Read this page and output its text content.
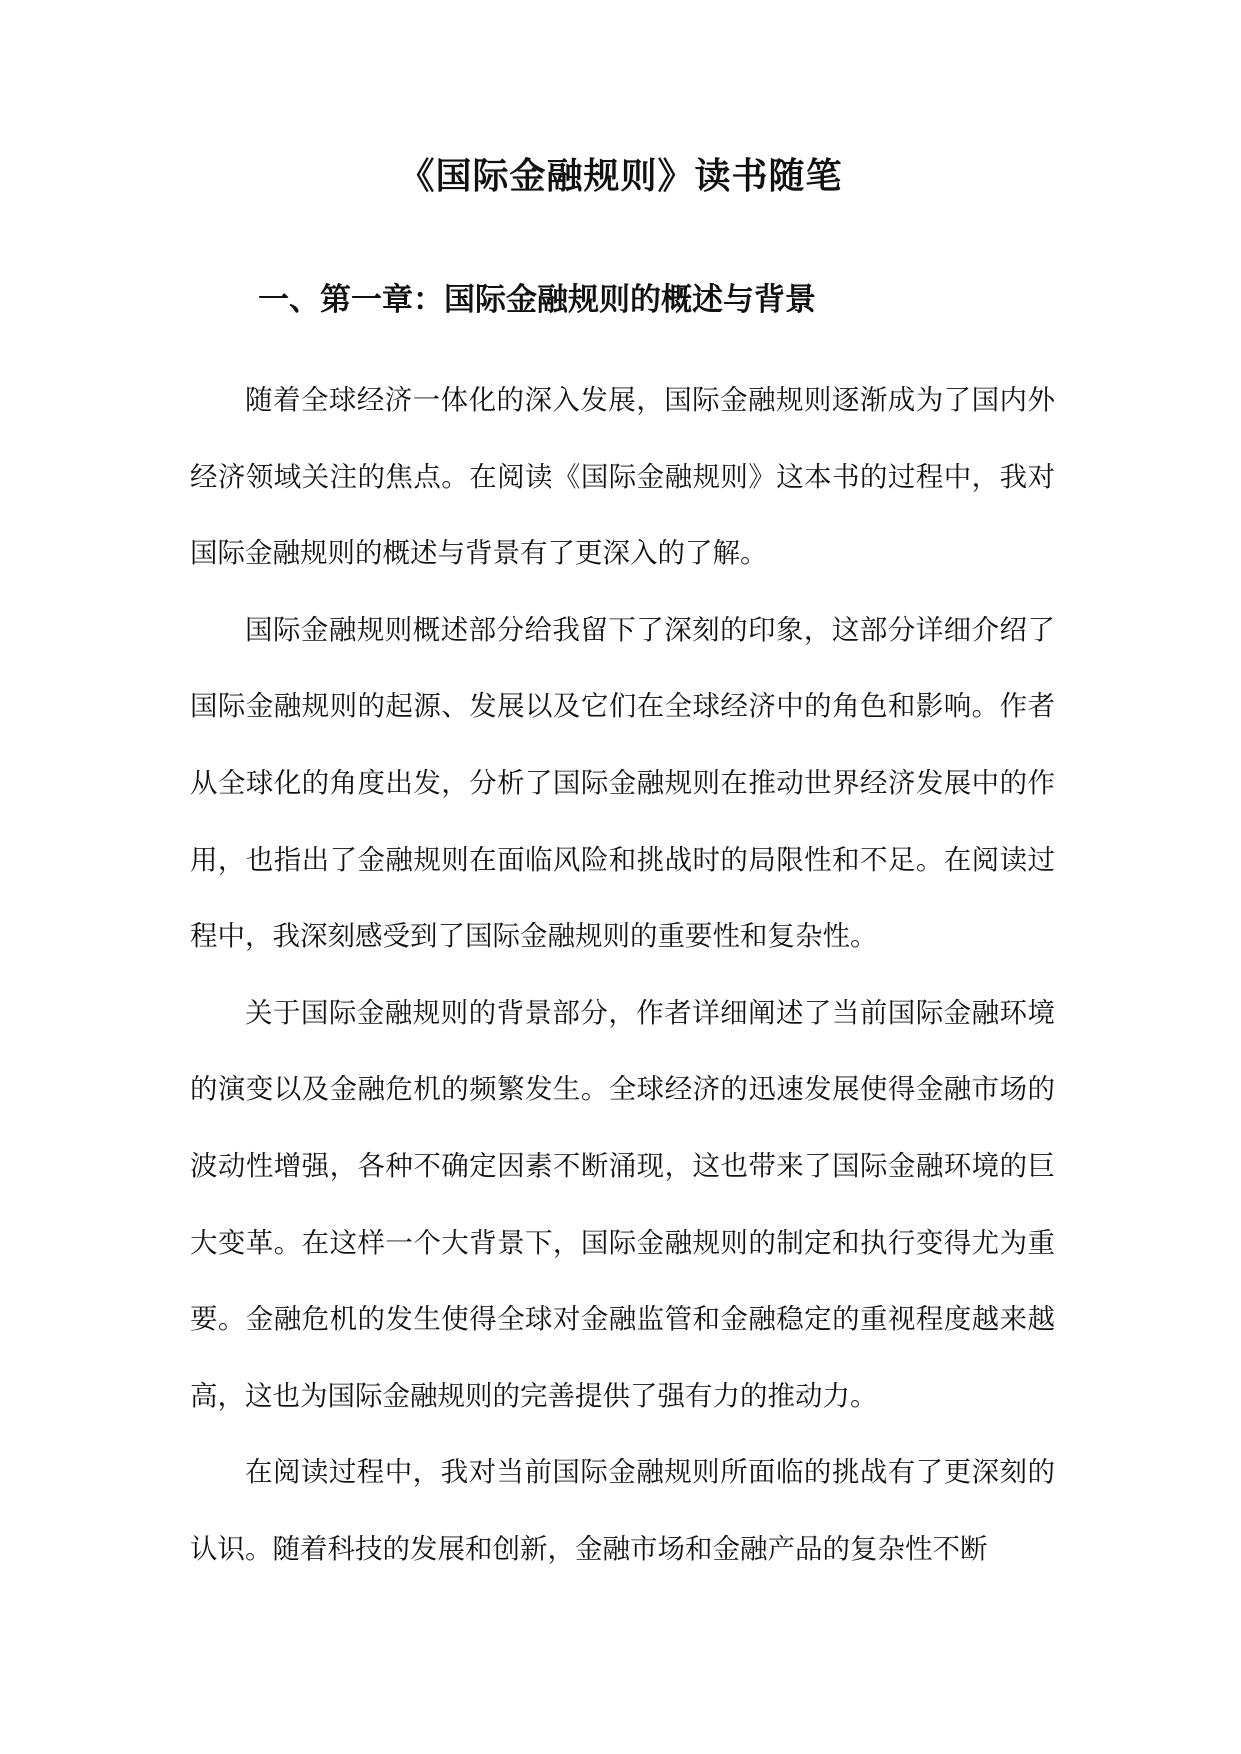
《国际金融规则》读书随笔
一、第一章：国际金融规则的概述与背景

随着全球经济一体化的深入发展，国际金融规则逐渐成为了国内外经济领域关注的焦点。在阅读《国际金融规则》这本书的过程中，我对国际金融规则的概述与背景有了更深入的了解。

国际金融规则概述部分给我留下了深刻的印象，这部分详细介绍了国际金融规则的起源、发展以及它们在全球经济中的角色和影响。作者从全球化的角度出发，分析了国际金融规则在推动世界经济发展中的作用，也指出了金融规则在面临风险和挑战时的局限性和不足。在阅读过程中，我深刻感受到了国际金融规则的重要性和复杂性。

关于国际金融规则的背景部分，作者详细阐述了当前国际金融环境的演变以及金融危机的频繁发生。全球经济的迅速发展使得金融市场的波动性增强，各种不确定因素不断涌现，这也带来了国际金融环境的巨大变革。在这样一个大背景下，国际金融规则的制定和执行变得尤为重要。金融危机的发生使得全球对金融监管和金融稳定的重视程度越来越高，这也为国际金融规则的完善提供了强有力的推动力。

在阅读过程中，我对当前国际金融规则所面临的挑战有了更深刻的认识。随着科技的发展和创新，金融市场和金融产品的复杂性不断
